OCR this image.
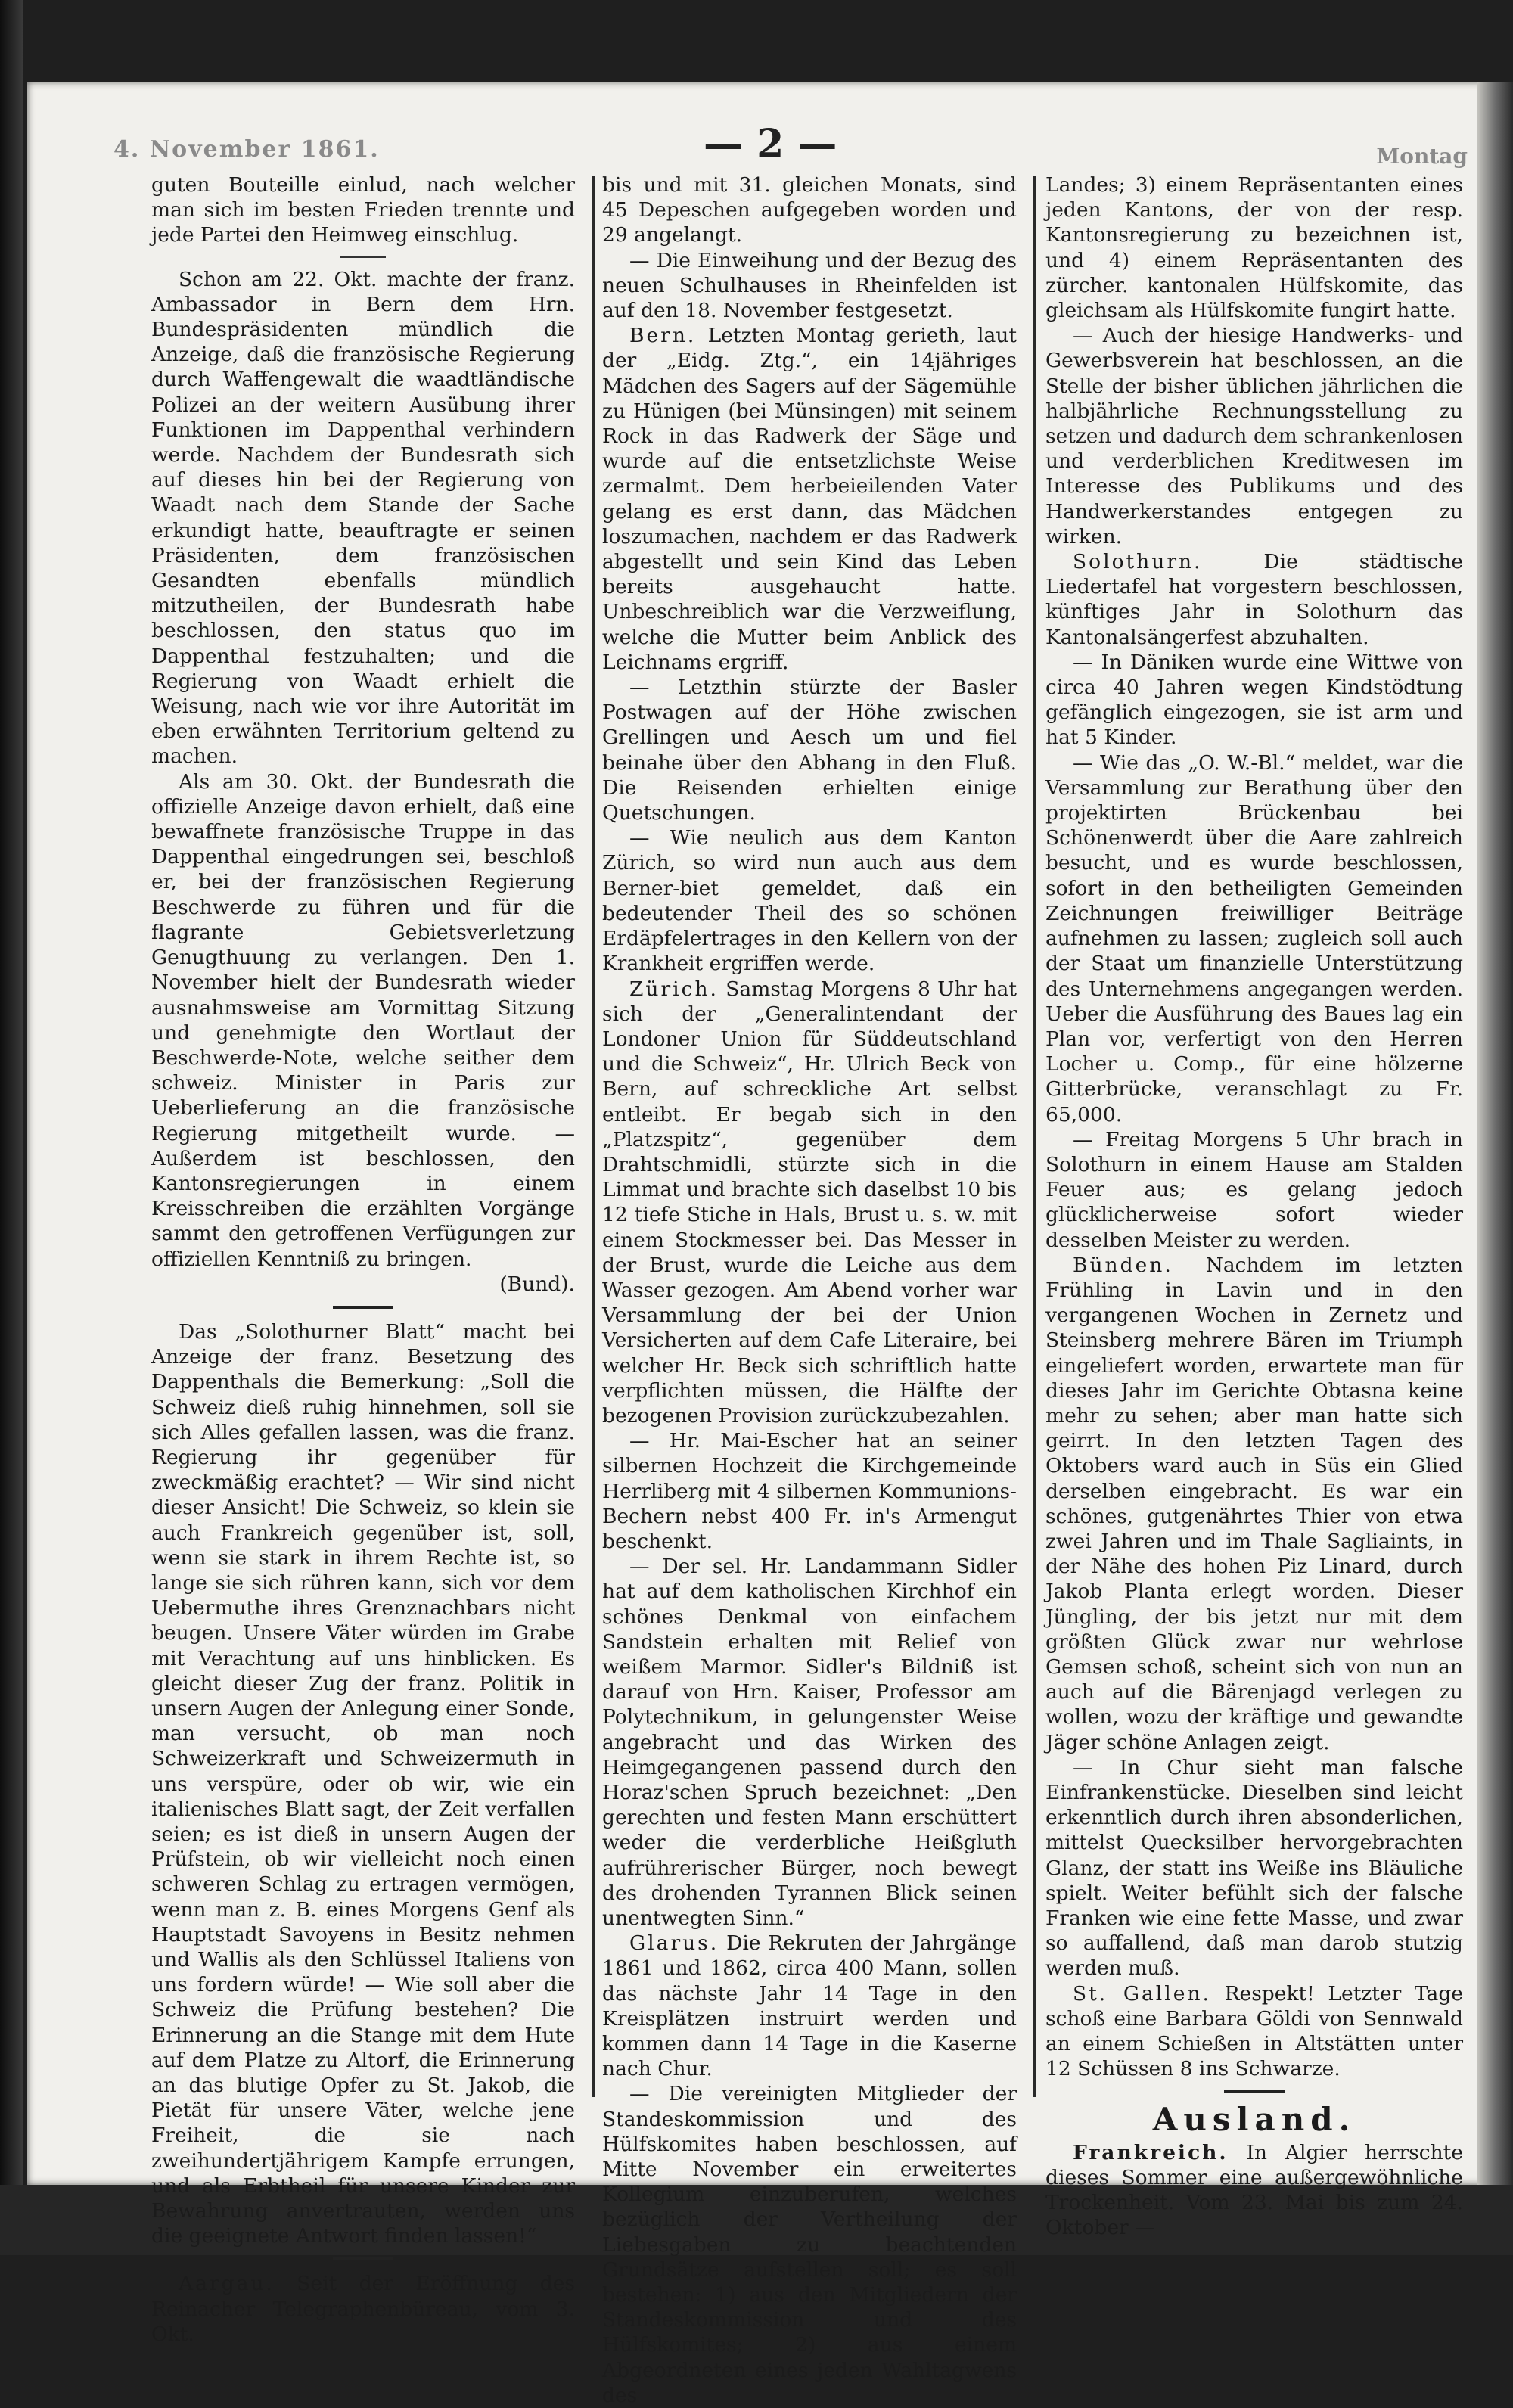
4. November 1861.	— 2 —	Montag

guten Bouteille einlud, nach welcher man sich im besten Frieden trennte und jede Partei den Heimweg einschlug.

Schon am 22. Okt. machte der franz. Ambassador in Bern dem Hrn. Bundespräsidenten mündlich die Anzeige, daß die französische Regierung durch Waffengewalt die waadtländische Polizei an der weitern Ausübung ihrer Funktionen im Dappenthal verhindern werde. Nachdem der Bundesrath sich auf dieses hin bei der Regierung von Waadt nach dem Stande der Sache erkundigt hatte, beauftragte er seinen Präsidenten, dem französischen Gesandten ebenfalls mündlich mitzutheilen, der Bundesrath habe beschlossen, den status quo im Dappenthal festzuhalten; und die Regierung von Waadt erhielt die Weisung, nach wie vor ihre Autorität im eben erwähnten Territorium geltend zu machen.

Als am 30. Okt. der Bundesrath die offizielle Anzeige davon erhielt, daß eine bewaffnete französische Truppe in das Dappenthal eingedrungen sei, beschloß er, bei der französischen Regierung Beschwerde zu führen und für die flagrante Gebietsverletzung Genugthuung zu verlangen. Den 1. November hielt der Bundesrath wieder ausnahmsweise am Vormittag Sitzung und genehmigte den Wortlaut der Beschwerde-Note, welche seither dem schweiz. Minister in Paris zur Ueberlieferung an die französische Regierung mitgetheilt wurde. — Außerdem ist beschlossen, den Kantonsregierungen in einem Kreisschreiben die erzählten Vorgänge sammt den getroffenen Verfügungen zur offiziellen Kenntniß zu bringen.

(Bund).

Das „Solothurner Blatt“ macht bei Anzeige der franz. Besetzung des Dappenthals die Bemerkung: „Soll die Schweiz dieß ruhig hinnehmen, soll sie sich Alles gefallen lassen, was die franz. Regierung ihr gegenüber für zweckmäßig erachtet? — Wir sind nicht dieser Ansicht! Die Schweiz, so klein sie auch Frankreich gegenüber ist, soll, wenn sie stark in ihrem Rechte ist, so lange sie sich rühren kann, sich vor dem Uebermuthe ihres Grenznachbars nicht beugen. Unsere Väter würden im Grabe mit Verachtung auf uns hinblicken. Es gleicht dieser Zug der franz. Politik in unsern Augen der Anlegung einer Sonde, man versucht, ob man noch Schweizerkraft und Schweizermuth in uns verspüre, oder ob wir, wie ein italienisches Blatt sagt, der Zeit verfallen seien; es ist dieß in unsern Augen der Prüfstein, ob wir vielleicht noch einen schweren Schlag zu ertragen vermögen, wenn man z. B. eines Morgens Genf als Hauptstadt Savoyens in Besitz nehmen und Wallis als den Schlüssel Italiens von uns fordern würde! — Wie soll aber die Schweiz die Prüfung bestehen? Die Erinnerung an die Stange mit dem Hute auf dem Platze zu Altorf, die Erinnerung an das blutige Opfer zu St. Jakob, die Pietät für unsere Väter, welche jene Freiheit, die sie nach zweihundertjährigem Kampfe errungen, und als Erbtheil für unsere Kinder zur Bewahrung anvertrauten, werden uns die geeignete Antwort finden lassen!“

Aargau. Seit der Eröffnung des Reinacher Telegraphenbüreau, vom 3. Okt.

bis und mit 31. gleichen Monats, sind 45 Depeschen aufgegeben worden und 29 angelangt.

— Die Einweihung und der Bezug des neuen Schulhauses in Rheinfelden ist auf den 18. November festgesetzt.

Bern. Letzten Montag gerieth, laut der „Eidg. Ztg.“, ein 14jähriges Mädchen des Sagers auf der Sägemühle zu Hünigen (bei Münsingen) mit seinem Rock in das Radwerk der Säge und wurde auf die entsetzlichste Weise zermalmt. Dem herbeieilenden Vater gelang es erst dann, das Mädchen loszumachen, nachdem er das Radwerk abgestellt und sein Kind das Leben bereits ausgehaucht hatte. Unbeschreiblich war die Verzweiflung, welche die Mutter beim Anblick des Leichnams ergriff.

— Letzthin stürzte der Basler Postwagen auf der Höhe zwischen Grellingen und Aesch um und fiel beinahe über den Abhang in den Fluß. Die Reisenden erhielten einige Quetschungen.

— Wie neulich aus dem Kanton Zürich, so wird nun auch aus dem Berner-biet gemeldet, daß ein bedeutender Theil des so schönen Erdäpfelertrages in den Kellern von der Krankheit ergriffen werde.

Zürich. Samstag Morgens 8 Uhr hat sich der „Generalintendant der Londoner Union für Süddeutschland und die Schweiz“, Hr. Ulrich Beck von Bern, auf schreckliche Art selbst entleibt. Er begab sich in den „Platzspitz“, gegenüber dem Drahtschmidli, stürzte sich in die Limmat und brachte sich daselbst 10 bis 12 tiefe Stiche in Hals, Brust u. s. w. mit einem Stockmesser bei. Das Messer in der Brust, wurde die Leiche aus dem Wasser gezogen. Am Abend vorher war Versammlung der bei der Union Versicherten auf dem Cafe Literaire, bei welcher Hr. Beck sich schriftlich hatte verpflichten müssen, die Hälfte der bezogenen Provision zurückzubezahlen.

— Hr. Mai-Escher hat an seiner silbernen Hochzeit die Kirchgemeinde Herrliberg mit 4 silbernen Kommunions-Bechern nebst 400 Fr. in's Armengut beschenkt.

— Der sel. Hr. Landammann Sidler hat auf dem katholischen Kirchhof ein schönes Denkmal von einfachem Sandstein erhalten mit Relief von weißem Marmor. Sidler's Bildniß ist darauf von Hrn. Kaiser, Professor am Polytechnikum, in gelungenster Weise angebracht und das Wirken des Heimgegangenen passend durch den Horaz'schen Spruch bezeichnet: „Den gerechten und festen Mann erschüttert weder die verderbliche Heißgluth aufrührerischer Bürger, noch bewegt des drohenden Tyrannen Blick seinen unentwegten Sinn.“

Glarus. Die Rekruten der Jahrgänge 1861 und 1862, circa 400 Mann, sollen das nächste Jahr 14 Tage in den Kreisplätzen instruirt werden und kommen dann 14 Tage in die Kaserne nach Chur.

— Die vereinigten Mitglieder der Standeskommission und des Hülfskomites haben beschlossen, auf Mitte November ein erweitertes Kollegium einzuberufen, welches bezüglich der Vertheilung der Liebesgaben zu beachtenden Grundsätze aufstellen soll; es soll bestehen: 1) aus den Mitgliedern der Standeskommission und des Hülfskomites; 2) aus einem Abgeordneten eines jeden Wahltagwens des

Landes; 3) einem Repräsentanten eines jeden Kantons, der von der resp. Kantonsregierung zu bezeichnen ist, und 4) einem Repräsentanten des zürcher. kantonalen Hülfskomite, das gleichsam als Hülfskomite fungirt hatte.

— Auch der hiesige Handwerks- und Gewerbsverein hat beschlossen, an die Stelle der bisher üblichen jährlichen die halbjährliche Rechnungsstellung zu setzen und dadurch dem schrankenlosen und verderblichen Kreditwesen im Interesse des Publikums und des Handwerkerstandes entgegen zu wirken.

Solothurn.	Die städtische Liedertafel hat vorgestern beschlossen, künftiges Jahr in Solothurn das Kantonalsängerfest abzuhalten.

— In Däniken wurde eine Wittwe von circa 40 Jahren wegen Kindstödtung gefänglich eingezogen, sie ist arm und hat 5 Kinder.

— Wie das „O. W.-Bl.“ meldet, war die Versammlung zur Berathung über den projektirten Brückenbau bei Schönenwerdt über die Aare zahlreich besucht, und es wurde beschlossen, sofort in den betheiligten Gemeinden Zeichnungen freiwilliger Beiträge aufnehmen zu lassen; zugleich soll auch der Staat um finanzielle Unterstützung des Unternehmens angegangen werden. Ueber die Ausführung des Baues lag ein Plan vor, verfertigt von den Herren Locher u. Comp., für eine hölzerne Gitterbrücke, veranschlagt zu Fr. 65,000.

— Freitag Morgens 5 Uhr brach in Solothurn in einem Hause am Stalden Feuer aus; es gelang jedoch glücklicherweise sofort wieder desselben Meister zu werden.

Bünden. Nachdem im letzten Frühling in Lavin und in den vergangenen Wochen in Zernetz und Steinsberg mehrere Bären im Triumph eingeliefert worden, erwartete man für dieses Jahr im Gerichte Obtasna keine mehr zu sehen; aber man hatte sich geirrt. In den letzten Tagen des Oktobers ward auch in Süs ein Glied derselben eingebracht. Es war ein schönes, gutgenährtes Thier von etwa zwei Jahren und im Thale Sagliaints, in der Nähe des hohen Piz Linard, durch Jakob Planta erlegt worden. Dieser Jüngling, der bis jetzt nur mit dem größten Glück zwar nur wehrlose Gemsen schoß, scheint sich von nun an auch auf die Bärenjagd verlegen zu wollen, wozu der kräftige und gewandte Jäger schöne Anlagen zeigt.

— In Chur sieht man falsche Einfrankenstücke. Dieselben sind leicht erkenntlich durch ihren absonderlichen, mittelst Quecksilber hervorgebrachten Glanz, der statt ins Weiße ins Bläuliche spielt. Weiter befühlt sich der falsche Franken wie eine fette Masse, und zwar so auffallend, daß man darob stutzig werden muß.

St. Gallen. Respekt! Letzter Tage schoß eine Barbara Göldi von Sennwald an einem Schießen in Altstätten unter 12 Schüssen 8 ins Schwarze.

Ausland.

Frankreich. In Algier herrschte dieses Sommer eine außergewöhnliche Trockenheit. Vom 23. Mai bis zum 24. Oktober —
